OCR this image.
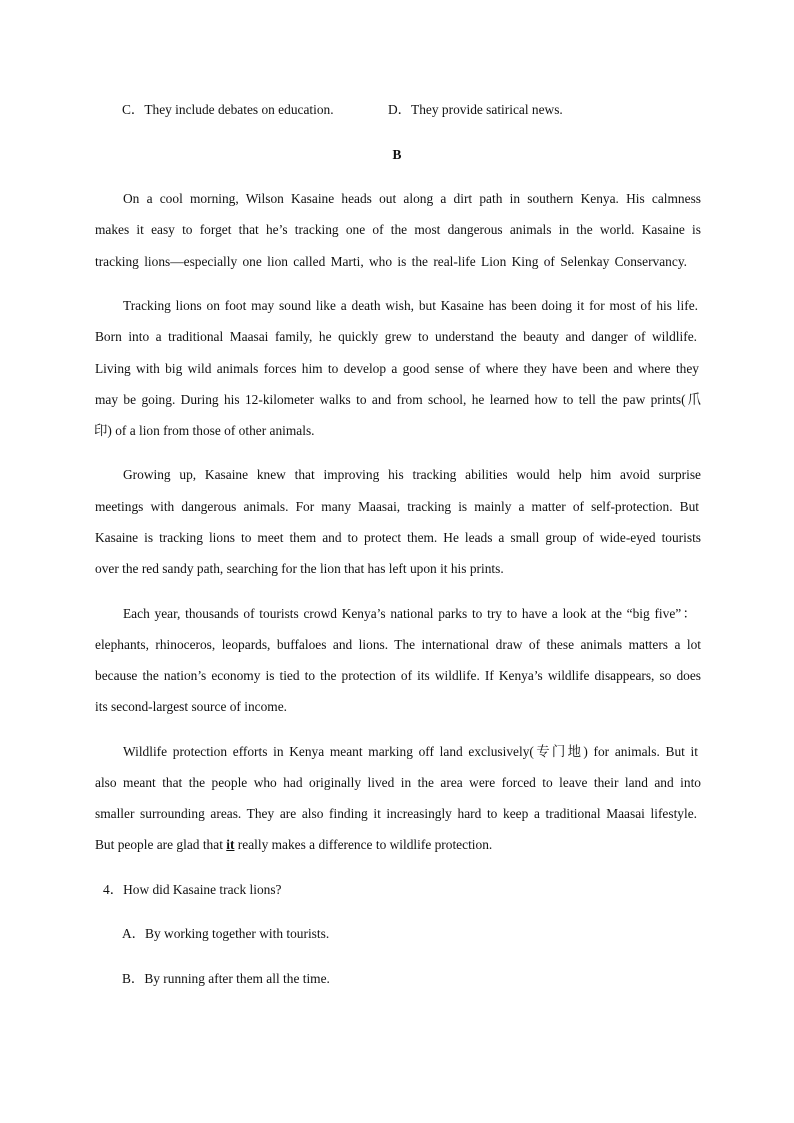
C．They include debates on education.	D．They provide satirical news.
B
On a cool morning, Wilson Kasaine heads out along a dirt path in southern Kenya. His calmness
makes it easy to forget that he’s tracking one of the most dangerous animals in the world. Kasaine is
tracking lions—especially one lion called Marti, who is the real-life Lion King of Selenkay Conservancy.
Tracking lions on foot may sound like a death wish, but Kasaine has been doing it for most of his life.
Born into a traditional Maasai family, he quickly grew to understand the beauty and danger of wildlife.
Living with big wild animals forces him to develop a good sense of where they have been and where they
may be going. During his 12-kilometer walks to and from school, he learned how to tell the paw prints(爪
印) of a lion from those of other animals.
Growing up, Kasaine knew that improving his tracking abilities would help him avoid surprise
meetings with dangerous animals. For many Maasai, tracking is mainly a matter of self-protection. But
Kasaine is tracking lions to meet them and to protect them. He leads a small group of wide-eyed tourists
over the red sandy path, searching for the lion that has left upon it his prints.
Each year, thousands of tourists crowd Kenya’s national parks to try to have a look at the “big five”：
elephants, rhinoceros, leopards, buffaloes and lions. The international draw of these animals matters a lot
because the nation’s economy is tied to the protection of its wildlife. If Kenya’s wildlife disappears, so does
its second-largest source of income.
Wildlife protection efforts in Kenya meant marking off land exclusively(专门地) for animals. But it
also meant that the people who had originally lived in the area were forced to leave their land and into
smaller surrounding areas. They are also finding it increasingly hard to keep a traditional Maasai lifestyle.
But people are glad that it really makes a difference to wildlife protection.
4．How did Kasaine track lions?
A．By working together with tourists.
B．By running after them all the time.
